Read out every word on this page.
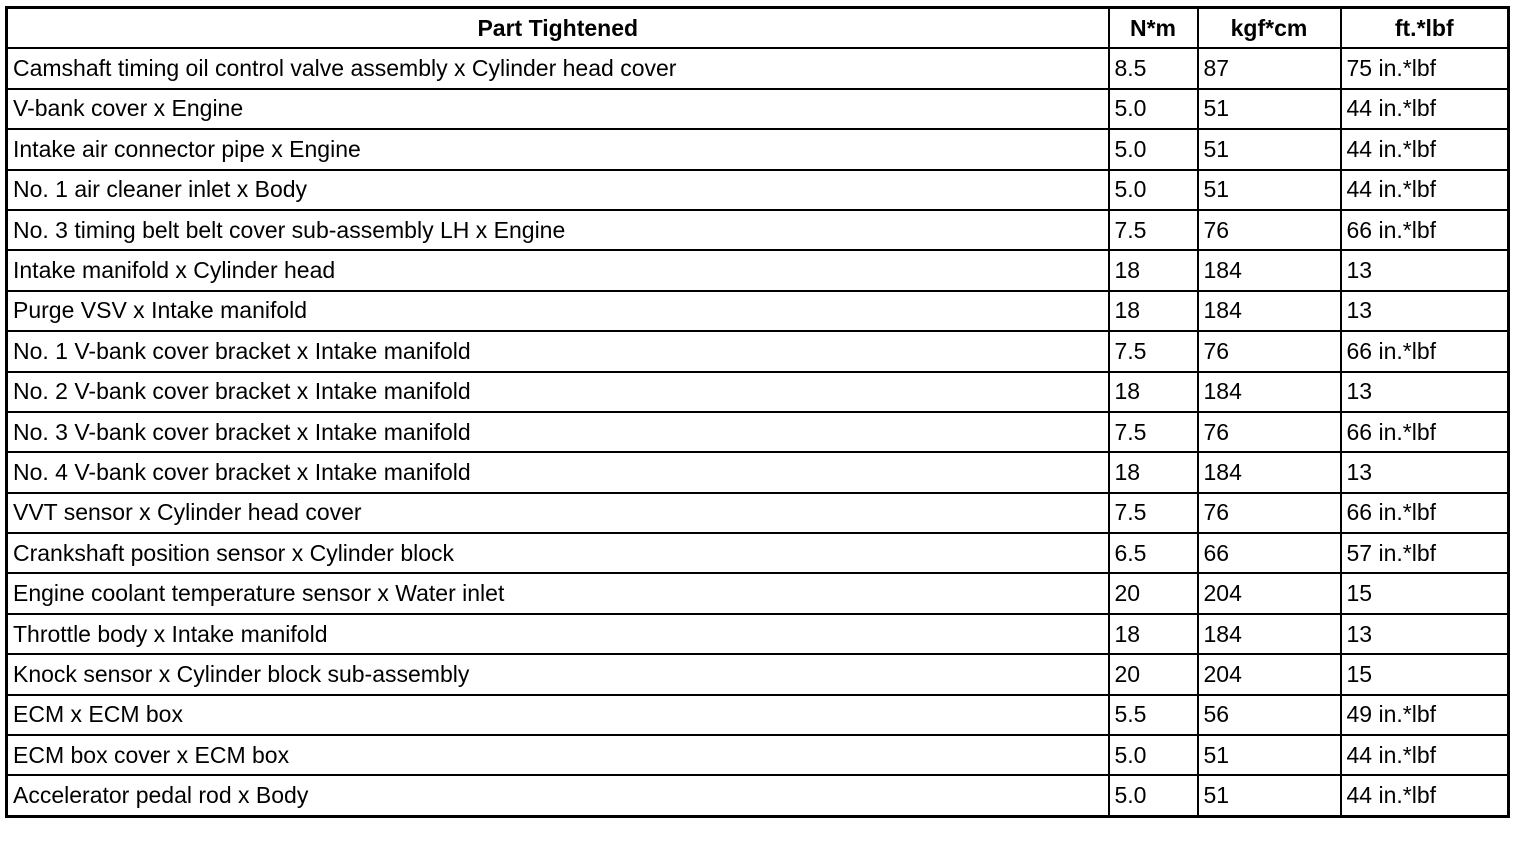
Part Tightened	N*m	kgf*cm	ft.*lbf
Camshaft timing oil control valve assembly x Cylinder head cover	8.5	87	75 in.*lbf
V-bank cover x Engine	5.0	51	44 in.*lbf
Intake air connector pipe x Engine	5.0	51	44 in.*lbf
No. 1 air cleaner inlet x Body	5.0	51	44 in.*lbf
No. 3 timing belt belt cover sub-assembly LH x Engine	7.5	76	66 in.*lbf
Intake manifold x Cylinder head	18	184	13
Purge VSV x Intake manifold	18	184	13
No. 1 V-bank cover bracket x Intake manifold	7.5	76	66 in.*lbf
No. 2 V-bank cover bracket x Intake manifold	18	184	13
No. 3 V-bank cover bracket x Intake manifold	7.5	76	66 in.*lbf
No. 4 V-bank cover bracket x Intake manifold	18	184	13
VVT sensor x Cylinder head cover	7.5	76	66 in.*lbf
Crankshaft position sensor x Cylinder block	6.5	66	57 in.*lbf
Engine coolant temperature sensor x Water inlet	20	204	15
Throttle body x Intake manifold	18	184	13
Knock sensor x Cylinder block sub-assembly	20	204	15
ECM x ECM box	5.5	56	49 in.*lbf
ECM box cover x ECM box	5.0	51	44 in.*lbf
Accelerator pedal rod x Body	5.0	51	44 in.*lbf
